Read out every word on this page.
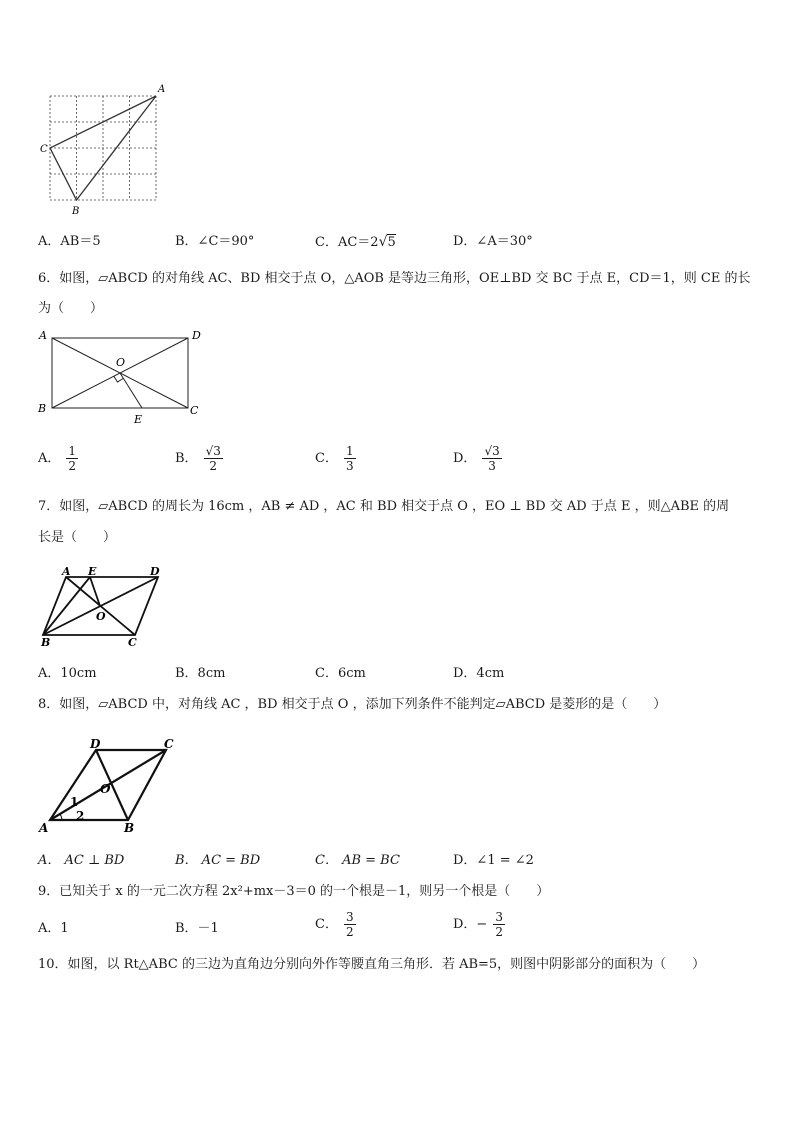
A
C
B
A．AB＝5	B．∠C＝90°	C．AC＝2√5	D．∠A＝30°
6．如图，▱ABCD 的对角线 AC、BD 相交于点 O，△AOB 是等边三角形，OE⊥BD 交 BC 于点 E，CD＝1，则 CE 的长
为（　　）
A	D
B	C
O
E
A． $\frac{1}{2}$	B． $\frac{√3}{2}$	C． $\frac{1}{3}$	D． $\frac{√3}{3}$
7．如图，▱ABCD 的周长为 16cm ，AB ≠ AD ，AC 和 BD 相交于点 O ，EO ⊥ BD 交 AD 于点 E ，则△ABE 的周
长是（　　）
A E	D
O
B	C
A．10cm	B．8cm	C．6cm	D．4cm
8．如图，▱ABCD 中，对角线 AC ，BD 相交于点 O ，添加下列条件不能判定▱ABCD 是菱形的是（　　）
D	C
O
A	B
1
2
A． AC ⊥ BD	B． AC = BD	C． AB = BC	D．∠1 = ∠2
9．已知关于 x 的一元二次方程 2x²+mx－3＝0 的一个根是－1，则另一个根是（　　）
A．1	B．－1	C． $\frac{3}{2}$	D．− $\frac{3}{2}$
10．如图，以 Rt△ABC 的三边为直角边分别向外作等腰直角三角形．若 AB=5，则图中阴影部分的面积为（　　）
